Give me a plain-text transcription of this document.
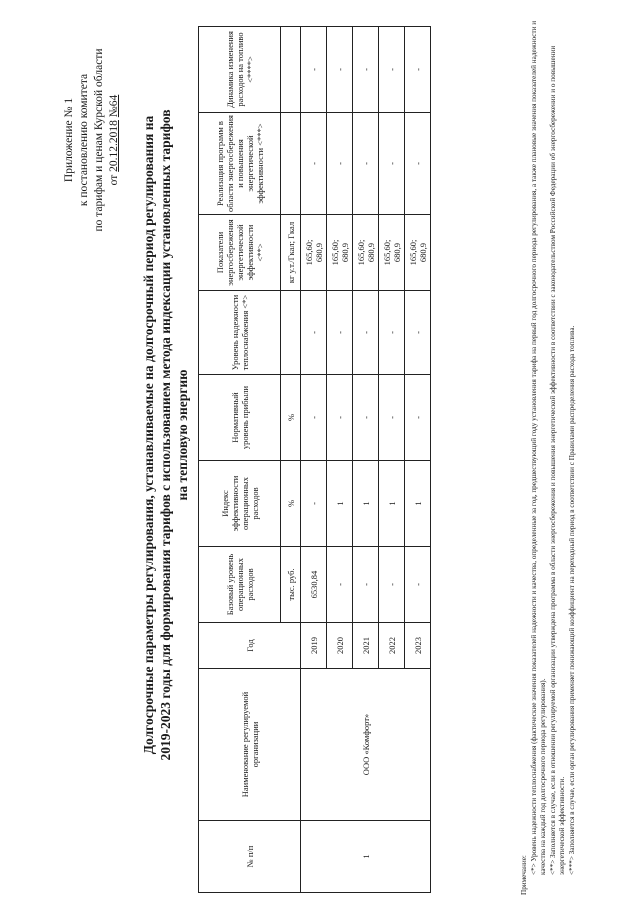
Приложение № 1 к постановлению комитета по тарифам и ценам Курской области от 20.12.2018 №64
Долгосрочные параметры регулирования, устанавливаемые на долгосрочный период регулирования на 2019-2023 годы для формирования тарифов с использованием метода индексации установленных тарифов на тепловую энергию
№ п/п	Наименование регулируемой организации	Год	Базовый уровень операционных расходов	Индекс эффективности операционных расходов	Нормативный уровень прибыли	Уровень надежности теплоснабжения <*>	Показатели энергосбережения энергетической эффективности <**>	Реализация программ в области энергосбережения и повышения энергетической эффективности <***>	Динамика изменения расходов на топливо <****>
			тыс. руб.	%	%		кг у.т./Гкал; Гкал		
1	ООО «Комфорт»	2019	6530,84	-	-	-	165,60; 680,9	-	-
		2020	-	1	-	-	165,60; 680,9	-	-
		2021	-	1	-	-	165,60; 680,9	-	-
		2022	-	1	-	-	165,60; 680,9	-	-
		2023	-	1	-	-	165,60; 680,9	-	-

Примечание:

<*> Уровень надежности теплоснабжения (фактические значения показателей надежности и качества, определенные за год, предшествующий году установления тарифа на первый год долгосрочного периода регулирования, а также плановые значения показателей надежности и качества на каждый год долгосрочного периода регулирования). <**> Заполняется в случае, если в отношении регулируемой организации утверждена программа в области энергосбережения и повышения энергетической эффективности в соответствии с законодательством Российской Федерации об энергосбережении и о повышении энергетической эффективности. <***> Заполняется в случае, если орган регулирования применяет понижающий коэффициент на переходный период в соответствии с Правилами распределения расхода топлива.
